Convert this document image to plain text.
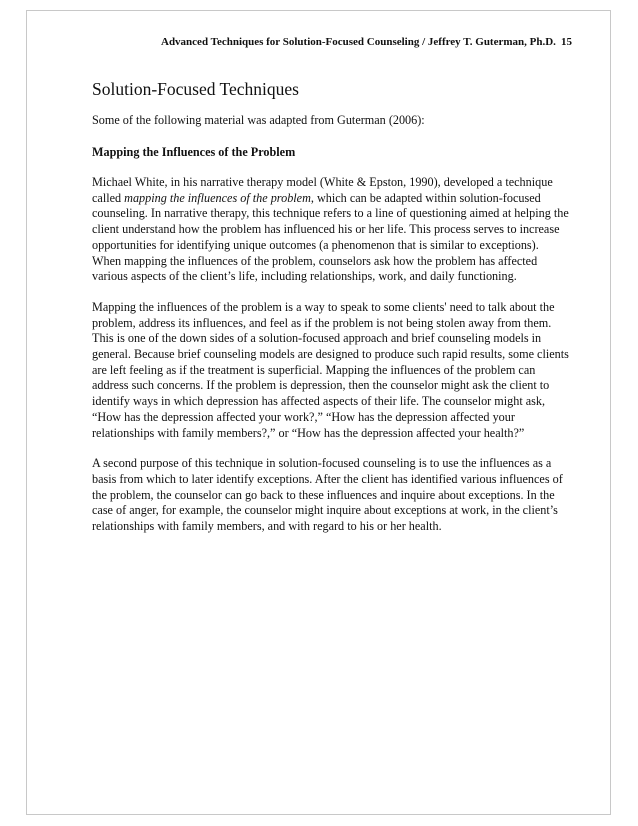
Advanced Techniques for Solution-Focused Counseling / Jeffrey T. Guterman, Ph.D. 15
Solution-Focused Techniques

Some of the following material was adapted from Guterman (2006):

Mapping the Influences of the Problem

Michael White, in his narrative therapy model (White & Epston, 1990), developed a technique called mapping the influences of the problem, which can be adapted within solution-focused counseling. In narrative therapy, this technique refers to a line of questioning aimed at helping the client understand how the problem has influenced his or her life. This process serves to increase opportunities for identifying unique outcomes (a phenomenon that is similar to exceptions). When mapping the influences of the problem, counselors ask how the problem has affected various aspects of the client’s life, including relationships, work, and daily functioning.

Mapping the influences of the problem is a way to speak to some clients' need to talk about the problem, address its influences, and feel as if the problem is not being stolen away from them. This is one of the down sides of a solution-focused approach and brief counseling models in general. Because brief counseling models are designed to produce such rapid results, some clients are left feeling as if the treatment is superficial. Mapping the influences of the problem can address such concerns. If the problem is depression, then the counselor might ask the client to identify ways in which depression has affected aspects of their life. The counselor might ask, “How has the depression affected your work?,” “How has the depression affected your relationships with family members?,” or “How has the depression affected your health?”

A second purpose of this technique in solution-focused counseling is to use the influences as a basis from which to later identify exceptions. After the client has identified various influences of the problem, the counselor can go back to these influences and inquire about exceptions. In the case of anger, for example, the counselor might inquire about exceptions at work, in the client’s relationships with family members, and with regard to his or her health.
